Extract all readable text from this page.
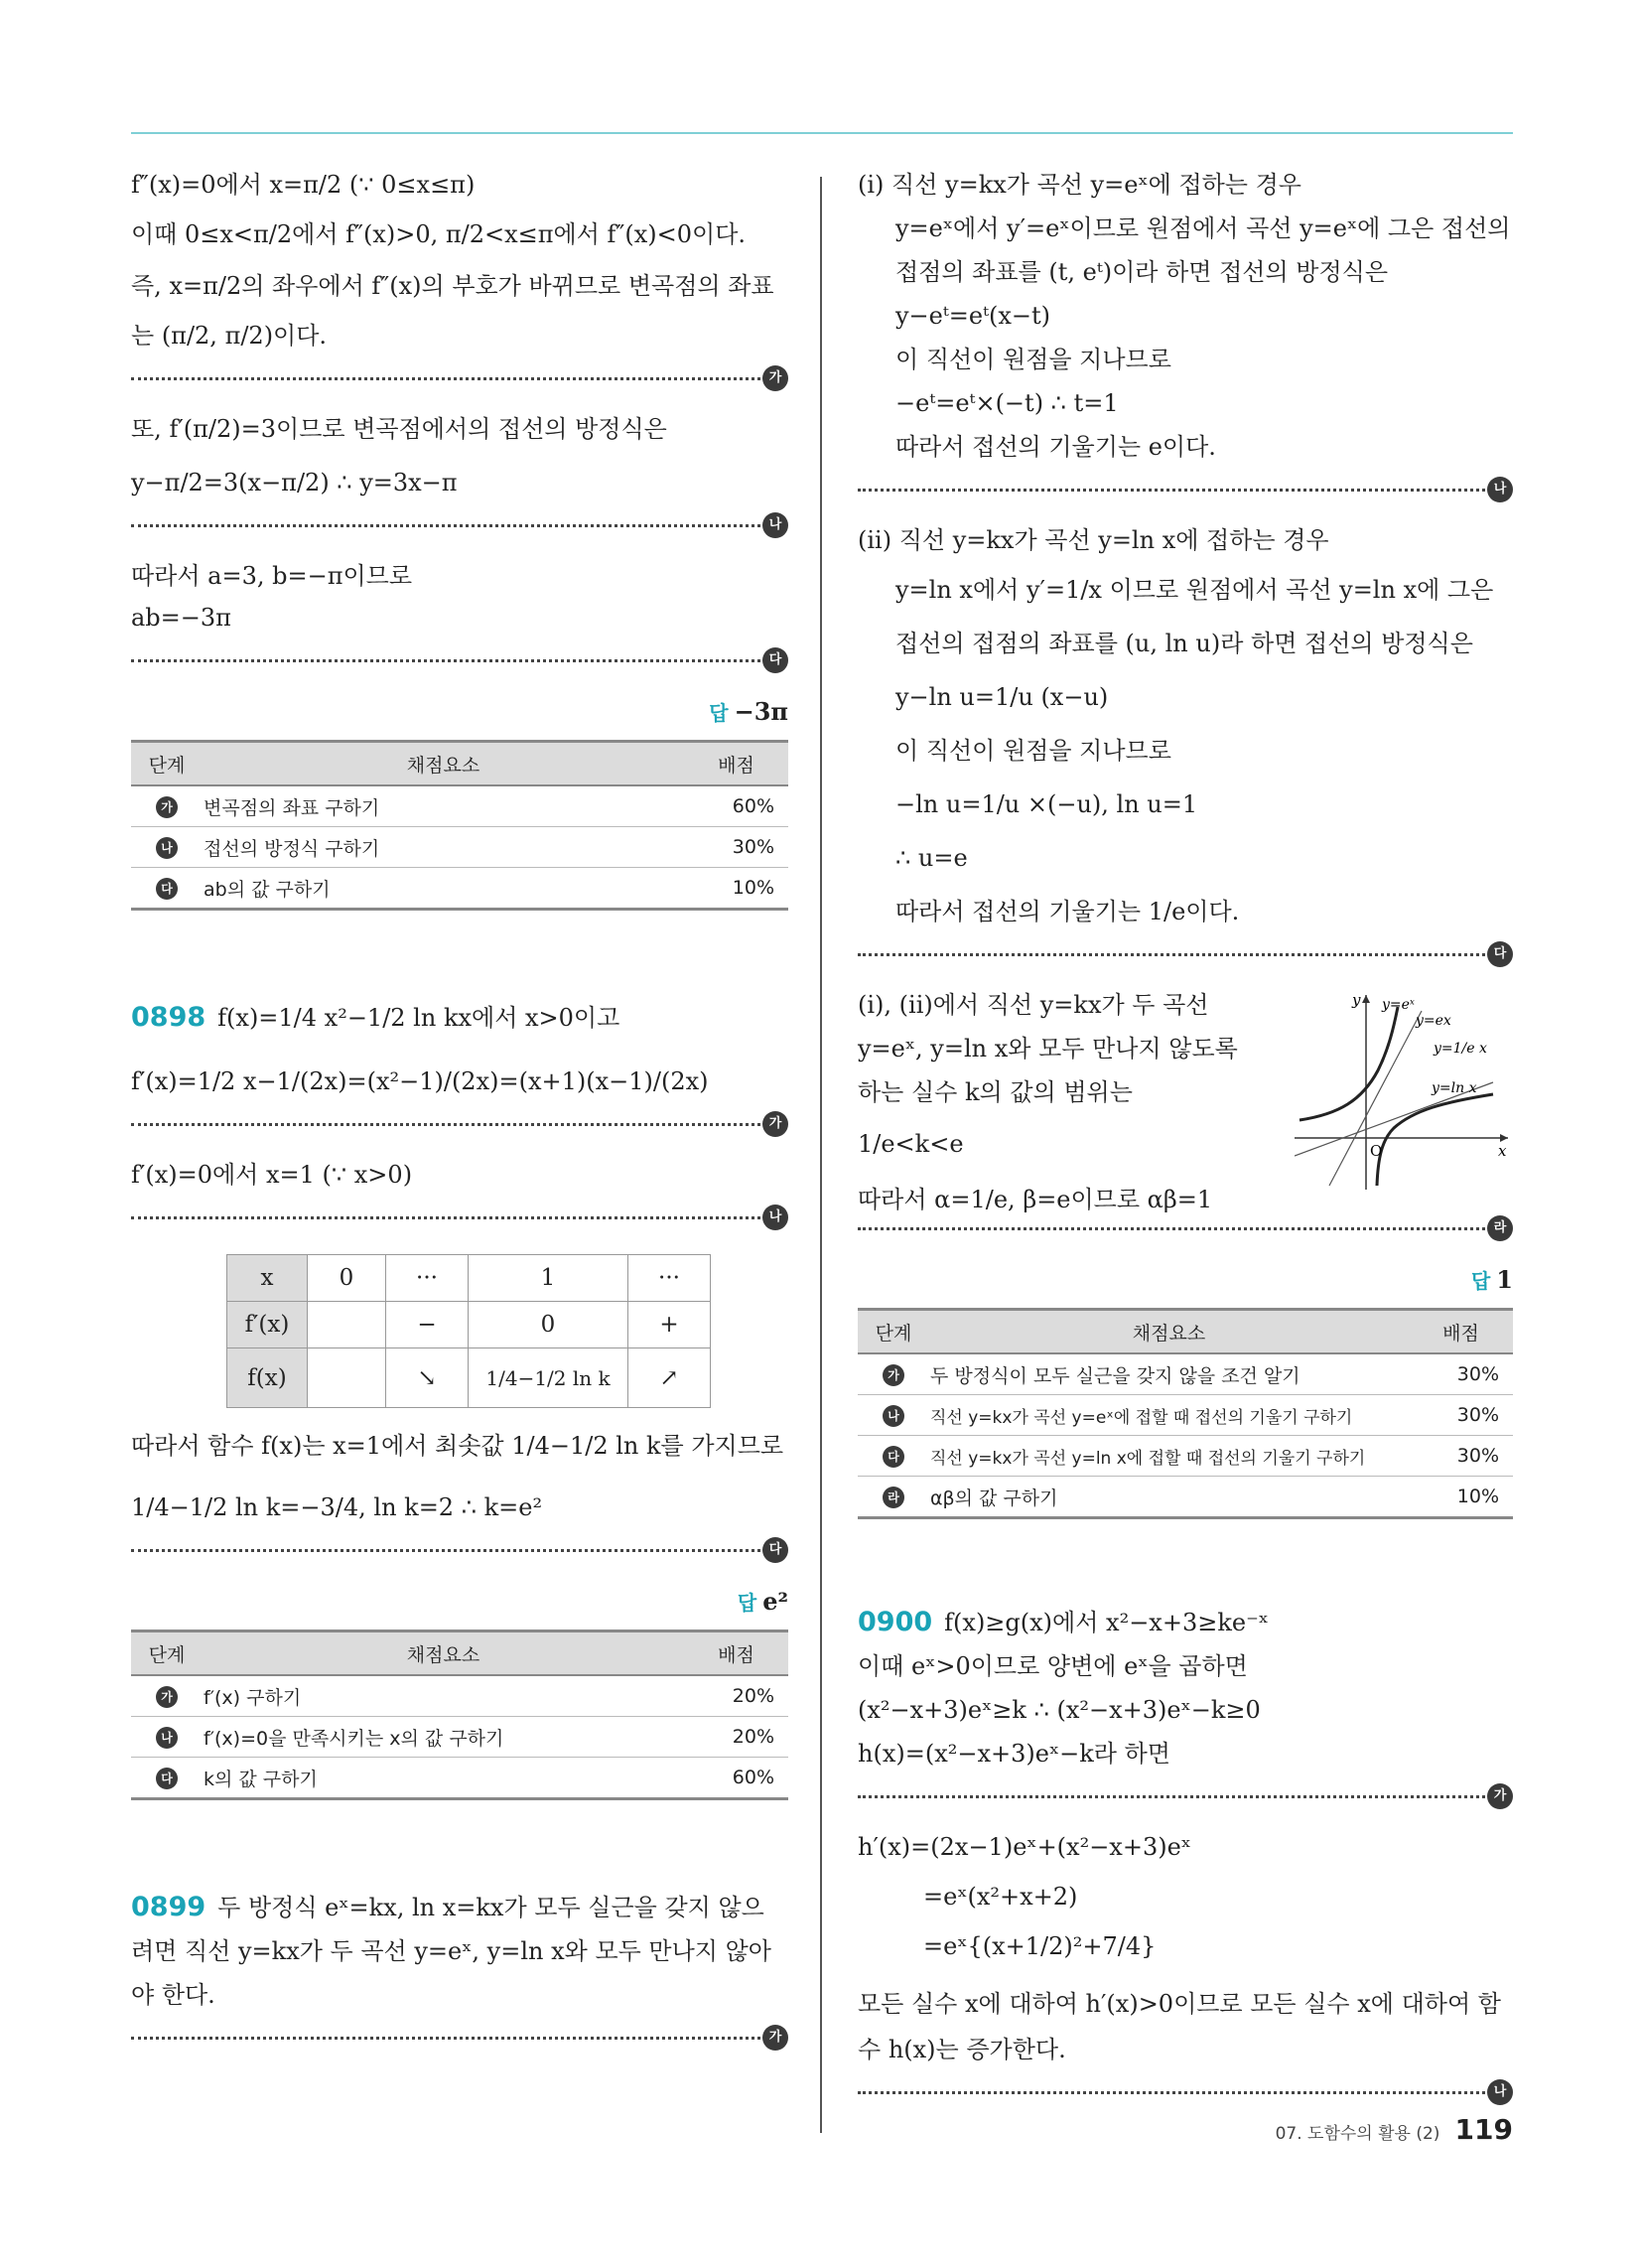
f″(x)=0에서 x=π/2 (∵ 0≤x≤π)

이때 0≤x<π/2에서 f″(x)>0, π/2<x≤π에서 f″(x)<0이다.

즉, x=π/2의 좌우에서 f″(x)의 부호가 바뀌므로 변곡점의 좌표

는 (π/2, π/2)이다.

가

또, f′(π/2)=3이므로 변곡점에서의 접선의 방정식은

y−π/2=3(x−π/2) ∴ y=3x−π

나

따라서 a=3, b=−π이므로

ab=−3π

다
답 −3π
단계	채점요소	배점
가	변곡점의 좌표 구하기	60%
나	접선의 방정식 구하기	30%
다	ab의 값 구하기	10%

0898 f(x)=1/4 x²−1/2 ln kx에서 x>0이고

f′(x)=1/2 x−1/(2x)=(x²−1)/(2x)=(x+1)(x−1)/(2x)

가

f′(x)=0에서 x=1 (∵ x>0)

나
x	0	···	1	···
f′(x)		−	0	+
f(x)		↘	1/4−1/2 ln k	↗

따라서 함수 f(x)는 x=1에서 최솟값 1/4−1/2 ln k를 가지므로

1/4−1/2 ln k=−3/4, ln k=2 ∴ k=e²

다
답 e²
단계	채점요소	배점
가	f′(x) 구하기	20%
나	f′(x)=0을 만족시키는 x의 값 구하기	20%
다	k의 값 구하기	60%

0899 두 방정식 eˣ=kx, ln x=kx가 모두 실근을 갖지 않으

려면 직선 y=kx가 두 곡선 y=eˣ, y=ln x와 모두 만나지 않아

야 한다.

가

(i) 직선 y=kx가 곡선 y=eˣ에 접하는 경우

y=eˣ에서 y′=eˣ이므로 원점에서 곡선 y=eˣ에 그은 접선의

접점의 좌표를 (t, eᵗ)이라 하면 접선의 방정식은

y−eᵗ=eᵗ(x−t)

이 직선이 원점을 지나므로

−eᵗ=eᵗ×(−t) ∴ t=1

따라서 접선의 기울기는 e이다.

나

(ii) 직선 y=kx가 곡선 y=ln x에 접하는 경우

y=ln x에서 y′=1/x 이므로 원점에서 곡선 y=ln x에 그은

접선의 접점의 좌표를 (u, ln u)라 하면 접선의 방정식은

y−ln u=1/u (x−u)

이 직선이 원점을 지나므로

−ln u=1/u ×(−u), ln u=1

∴ u=e

따라서 접선의 기울기는 1/e이다.

다

(i), (ii)에서 직선 y=kx가 두 곡선

y=eˣ, y=ln x와 모두 만나지 않도록

하는 실수 k의 값의 범위는

1/e<k<e

따라서 α=1/e, β=e이므로 αβ=1

y
x
O
y=eˣ
y=ex
y=1/e x
y=ln x
라
답 1
단계	채점요소	배점
가	두 방정식이 모두 실근을 갖지 않을 조건 알기	30%
나	직선 y=kx가 곡선 y=eˣ에 접할 때 접선의 기울기 구하기	30%
다	직선 y=kx가 곡선 y=ln x에 접할 때 접선의 기울기 구하기	30%
라	αβ의 값 구하기	10%

0900 f(x)≥g(x)에서 x²−x+3≥ke⁻ˣ

이때 eˣ>0이므로 양변에 eˣ을 곱하면

(x²−x+3)eˣ≥k ∴ (x²−x+3)eˣ−k≥0

h(x)=(x²−x+3)eˣ−k라 하면

가

h′(x)=(2x−1)eˣ+(x²−x+3)eˣ

=eˣ(x²+x+2)

=eˣ{(x+1/2)²+7/4}

모든 실수 x에 대하여 h′(x)>0이므로 모든 실수 x에 대하여 함

수 h(x)는 증가한다.

나
07. 도함수의 활용 (2) 119
